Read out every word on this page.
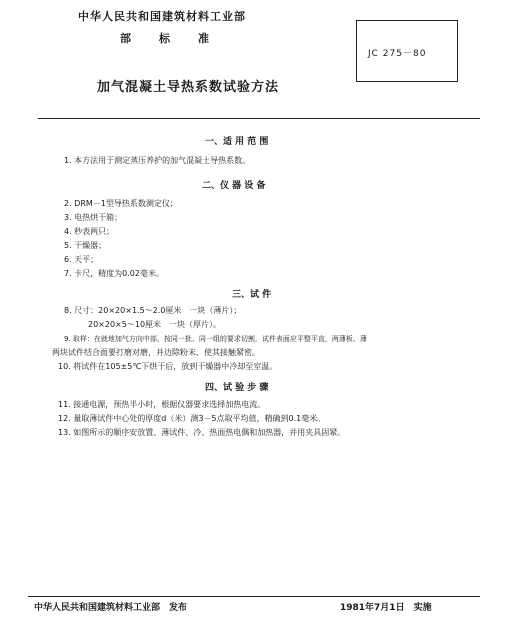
中华人民共和国建筑材料工业部
部标准
JC 275－80
加气混凝土导热系数试验方法
一、适 用 范 围
1. 本方法用于测定蒸压养护的加气混凝土导热系数。
二、仪 器 设 备
2. DRM－1型导热系数测定仪；
3. 电热烘干箱；
4. 秒表两只；
5. 干燥器；
6. 天平；
7. 卡尺，精度为0.02毫米。
三、试 件
8. 尺寸：20×20×1.5～2.0厘米　一块（薄片）；
　20×20×5～10厘米　一块（厚片）。
9. 取样：在就地加气方向中部，按同一批、同一组的要求切割，试件表面应平整平直，两薄板、薄
两块试件结合面要打磨对磨，并边除粉末、使其接触紧密。
10. 将试件在105±5℃下烘干后，放到干燥器中冷却至室温。
四、试 验 步 骤
11. 接通电源，预热半小时，根据仪器要求选择加热电流。
12. 量取薄试件中心处的厚度d（米）测3－5点取平均值，精确到0.1毫米。
13. 如图所示的顺序安放置、薄试件、冷、热面热电偶和加热器，并用夹具固紧。
中华人民共和国建筑材料工业部　发布	1981年7月1日　实施
